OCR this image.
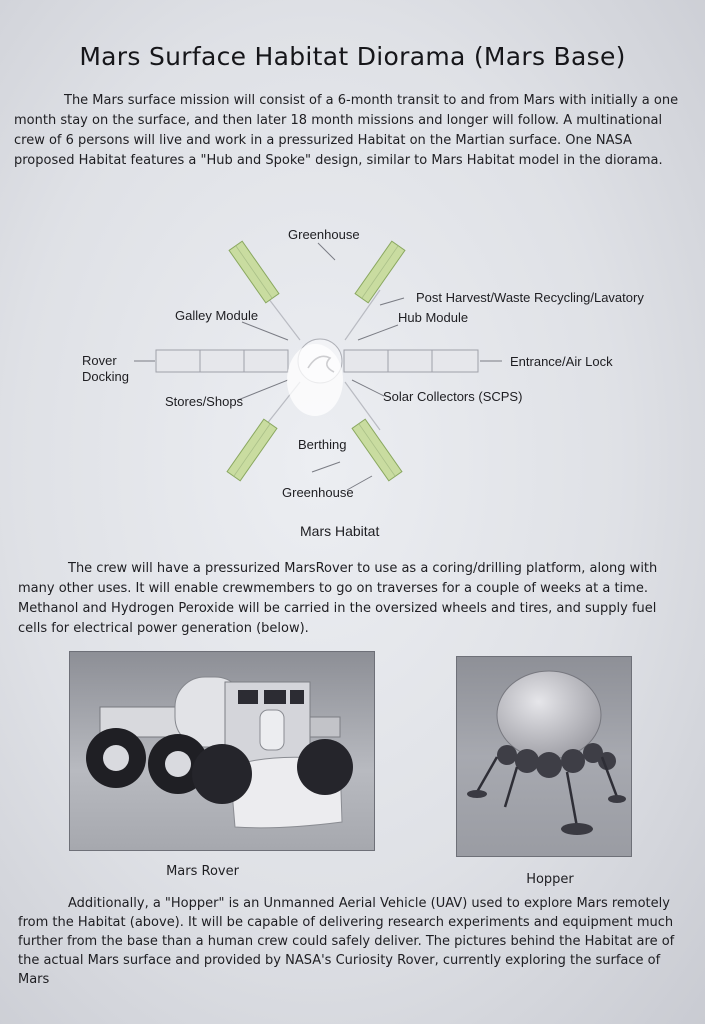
Mars Surface Habitat Diorama (Mars Base)

The Mars surface mission will consist of a 6-month transit to and from Mars with initially a one month stay on the surface, and then later 18 month missions and longer will follow. A multinational crew of 6 persons will live and work in a pressurized Habitat on the Martian surface. One NASA proposed Habitat features a "Hub and Spoke" design, similar to Mars Habitat model in the diorama.

Greenhouse
Post Harvest/Waste Recycling/Lavatory
Galley Module	Hub Module
Rover Docking
Entrance/Air Lock
Stores/Shops	Solar Collectors (SCPS)
Berthing
Greenhouse
Mars Habitat

The crew will have a pressurized MarsRover to use as a coring/drilling platform, along with many other uses. It will enable crewmembers to go on traverses for a couple of weeks at a time. Methanol and Hydrogen Peroxide will be carried in the oversized wheels and tires, and supply fuel cells for electrical power generation (below).

Mars Rover
Hopper

Additionally, a "Hopper" is an Unmanned Aerial Vehicle (UAV) used to explore Mars remotely from the Habitat (above). It will be capable of delivering research experiments and equipment much further from the base than a human crew could safely deliver. The pictures behind the Habitat are of the actual Mars surface and provided by NASA's Curiosity Rover, currently exploring the surface of Mars
